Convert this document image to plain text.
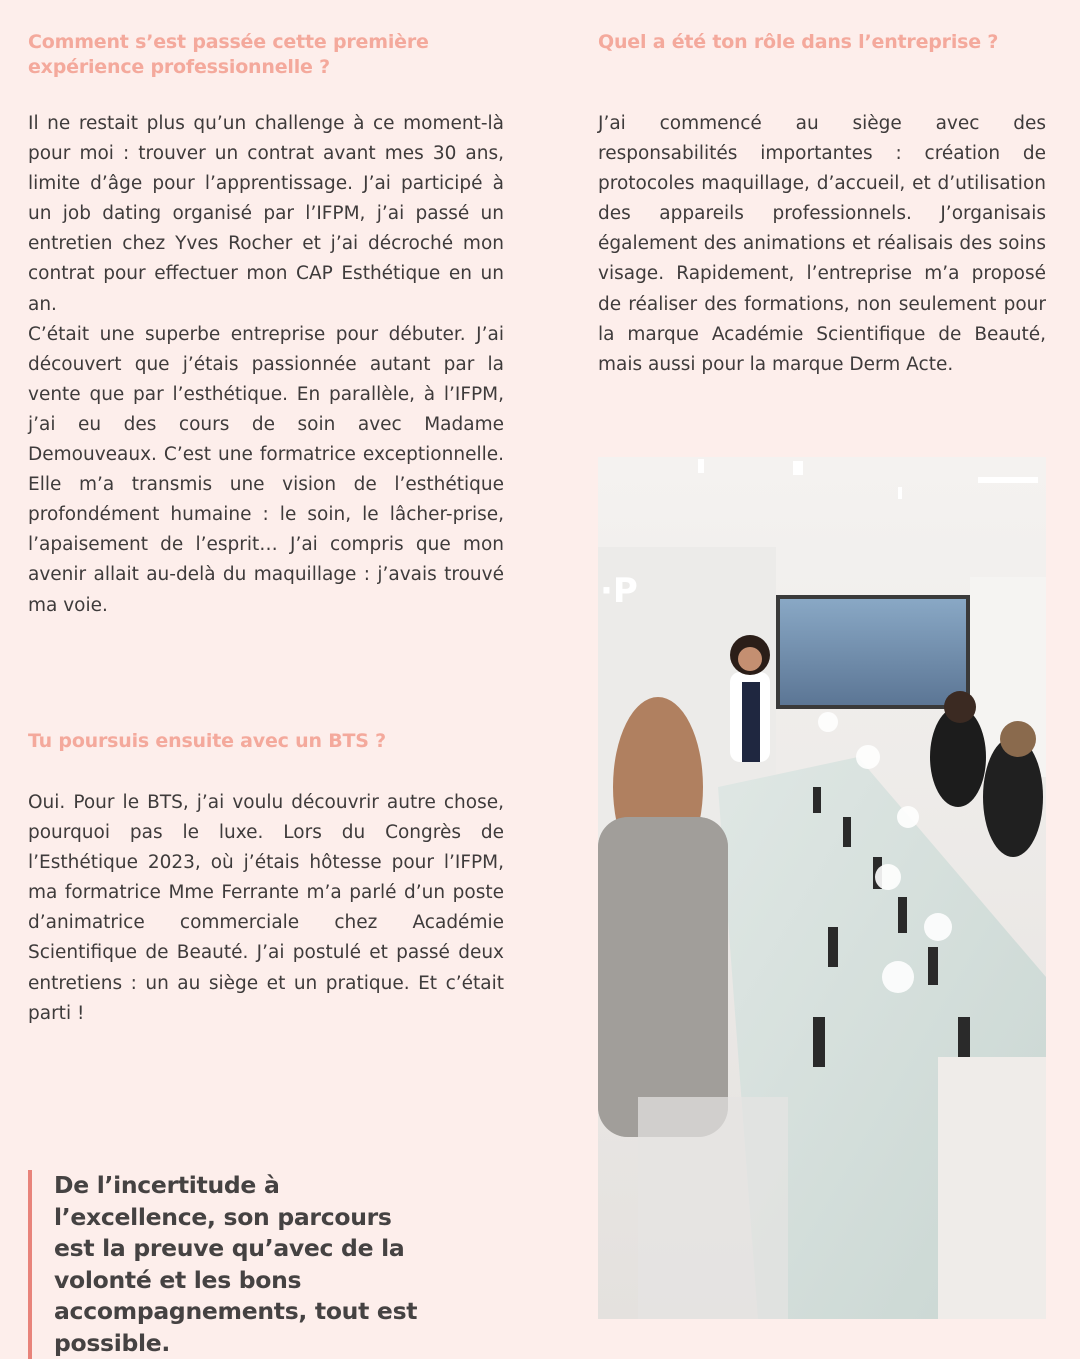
Comment s’est passée cette première expérience professionnelle ?

Il ne restait plus qu’un challenge à ce moment-là pour moi : trouver un contrat avant mes 30 ans, limite d’âge pour l’apprentissage. J’ai participé à un job dating organisé par l’IFPM, j’ai passé un entretien chez Yves Rocher et j’ai décroché mon contrat pour effectuer mon CAP Esthétique en un an.

C’était une superbe entreprise pour débuter. J’ai découvert que j’étais passionnée autant par la vente que par l’esthétique. En parallèle, à l’IFPM, j’ai eu des cours de soin avec Madame Demouveaux. C’est une formatrice exceptionnelle. Elle m’a transmis une vision de l’esthétique profondément humaine : le soin, le lâcher-prise, l’apaisement de l’esprit… J’ai compris que mon avenir allait au-delà du maquillage : j’avais trouvé ma voie.

Tu poursuis ensuite avec un BTS ?

Oui. Pour le BTS, j’ai voulu découvrir autre chose, pourquoi pas le luxe. Lors du Congrès de l’Esthétique 2023, où j’étais hôtesse pour l’IFPM, ma formatrice Mme Ferrante m’a parlé d’un poste d’animatrice commerciale chez Académie Scientifique de Beauté. J’ai postulé et passé deux entretiens : un au siège et un pratique. Et c’était parti !

Quel a été ton rôle dans l’entreprise ?

J’ai commencé au siège avec des responsabilités importantes : création de protocoles maquillage, d’accueil, et d’utilisation des appareils professionnels. J’organisais également des animations et réalisais des soins visage. Rapidement, l’entreprise m’a proposé de réaliser des formations, non seulement pour la marque Académie Scientifique de Beauté, mais aussi pour la marque Derm Acte.

·P
De l’incertitude à l’excellence, son parcours est la preuve qu’avec de la volonté et les bons accompagnements, tout est possible.
